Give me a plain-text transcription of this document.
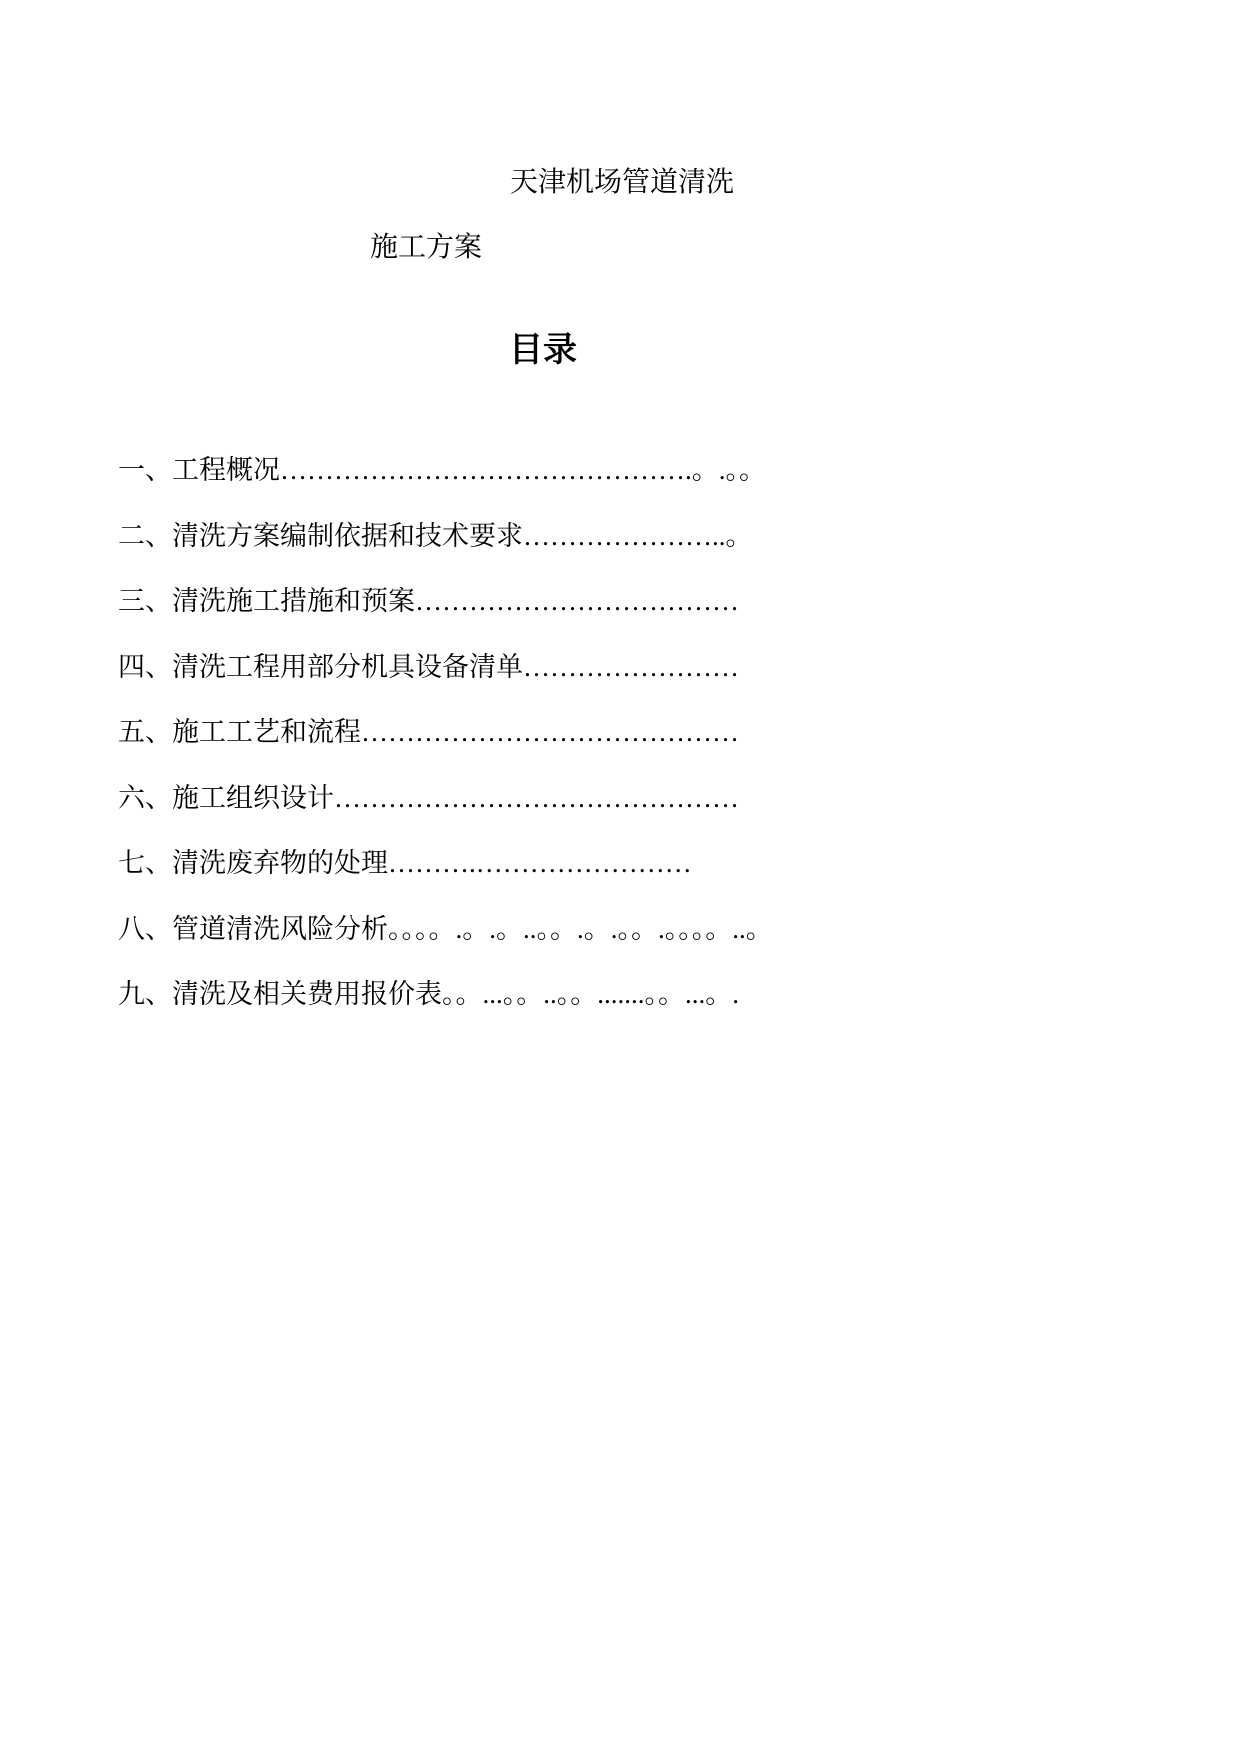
天津机场管道清洗
施工方案
目录
一、工程概况……………………………………….。.。。
二、清洗方案编制依据和技术要求…………………..。
三、清洗施工措施和预案………………………………
四、清洗工程用部分机具设备清单……………………
五、施工工艺和流程……………………………………
六、施工组织设计………………………………………
七、清洗废弃物的处理……….……………………
八、管道清洗风险分析。。。。.。.。..。。.。.。。.。。。。..。
九、清洗及相关费用报价表。。...。。..。。.......。。...。.
